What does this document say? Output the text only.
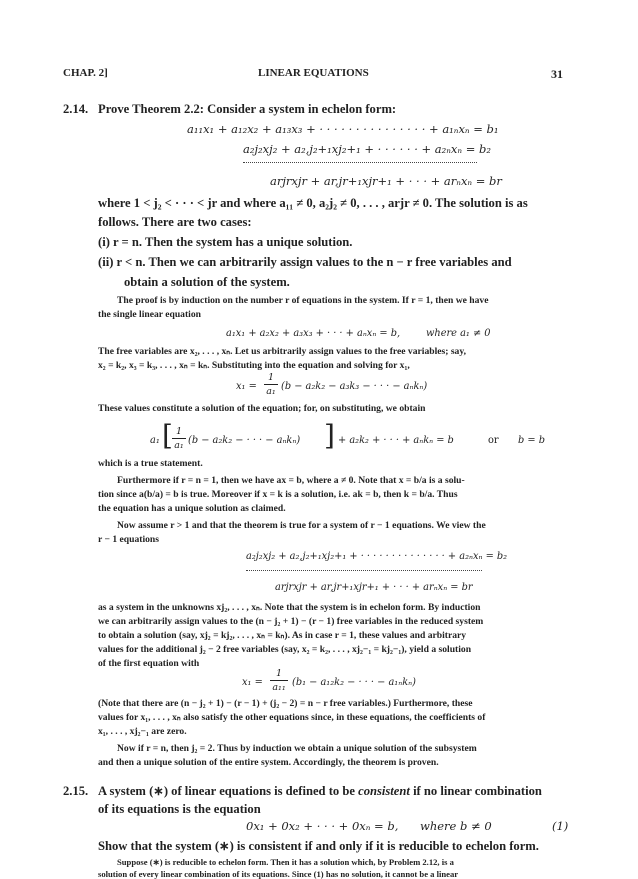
CHAP. 2]	LINEAR EQUATIONS	31
2.14. Prove Theorem 2.2: Consider a system in echelon form:
a₁₁x₁ + a₁₂x₂ + a₁₃x₃ + · · · · · · · · · · · · · · · + a₁ₙxₙ = b₁
a₂j₂xj₂ + a₂,j₂+₁xj₂+₁ + · · · · · · + a₂ₙxₙ = b₂
arjrxjr + ar,jr+₁xjr+₁ + · · · + arₙxₙ = br
where 1 < j₂ < · · · < jr and where a₁₁ ≠ 0, a₂j₂ ≠ 0, . . . , arjr ≠ 0. The solution is as
follows. There are two cases:
(i) r = n. Then the system has a unique solution.
(ii) r < n. Then we can arbitrarily assign values to the n − r free variables and
obtain a solution of the system.
The proof is by induction on the number r of equations in the system. If r = 1, then we have
the single linear equation
a₁x₁ + a₂x₂ + a₃x₃ + · · · + aₙxₙ = b,	where a₁ ≠ 0
The free variables are x₂, . . . , xₙ. Let us arbitrarily assign values to the free variables; say,
x₂ = k₂, x₃ = k₃, . . . , xₙ = kₙ. Substituting into the equation and solving for x₁,
$x_1 = \frac{1}{\text{a₁}} (b - a_2k_2 - a_3k_3$ − · · · − aₙkₙ)
These values constitute a solution of the equation; for, on substituting, we obtain
a₁ [ $\frac{1}{\text{a₁}} (b - a_2k_2$ − · · · − aₙkₙ) ] + a₂k₂ + · · · + aₙkₙ = b	or b = b
which is a true statement.
Furthermore if r = n = 1, then we have ax = b, where a ≠ 0. Note that x = b/a is a solu-
tion since a(b/a) = b is true. Moreover if x = k is a solution, i.e. ak = b, then k = b/a. Thus
the equation has a unique solution as claimed.
Now assume r > 1 and that the theorem is true for a system of r − 1 equations. We view the
r − 1 equations
a₂j₂xj₂ + a₂,j₂+₁xj₂+₁ + · · · · · · · · · · · · · · + a₂ₙxₙ = b₂
arjrxjr + ar,jr+₁xjr+₁ + · · · + arₙxₙ = br
as a system in the unknowns xj₂, . . . , xₙ. Note that the system is in echelon form. By induction
we can arbitrarily assign values to the (n − j₂ + 1) − (r − 1) free variables in the reduced system
to obtain a solution (say, xj₂ = kj₂, . . . , xₙ = kₙ). As in case r = 1, these values and arbitrary
values for the additional j₂ − 2 free variables (say, x₂ = k₂, . . . , xj₂−₁ = kj₂−₁), yield a solution
of the first equation with
$x_1 = \frac{1}{\text{a₁₁}} (b_1 - a_{12}k_2$ − · · · − a₁ₙkₙ)
(Note that there are (n − j₂ + 1) − (r − 1) + (j₂ − 2) = n − r free variables.) Furthermore, these
values for x₁, . . . , xₙ also satisfy the other equations since, in these equations, the coefficients of
x₁, . . . , xj₂−₁ are zero.
Now if r = n, then j₂ = 2. Thus by induction we obtain a unique solution of the subsystem
and then a unique solution of the entire system. Accordingly, the theorem is proven.
2.15. A system (∗) of linear equations is defined to be consistent if no linear combination
of its equations is the equation
0x₁ + 0x₂ + · · · + 0xₙ = b, where b ≠ 0	(1)
Show that the system (∗) is consistent if and only if it is reducible to echelon form.
Suppose (∗) is reducible to echelon form. Then it has a solution which, by Problem 2.12, is a
solution of every linear combination of its equations. Since (1) has no solution, it cannot be a linear
